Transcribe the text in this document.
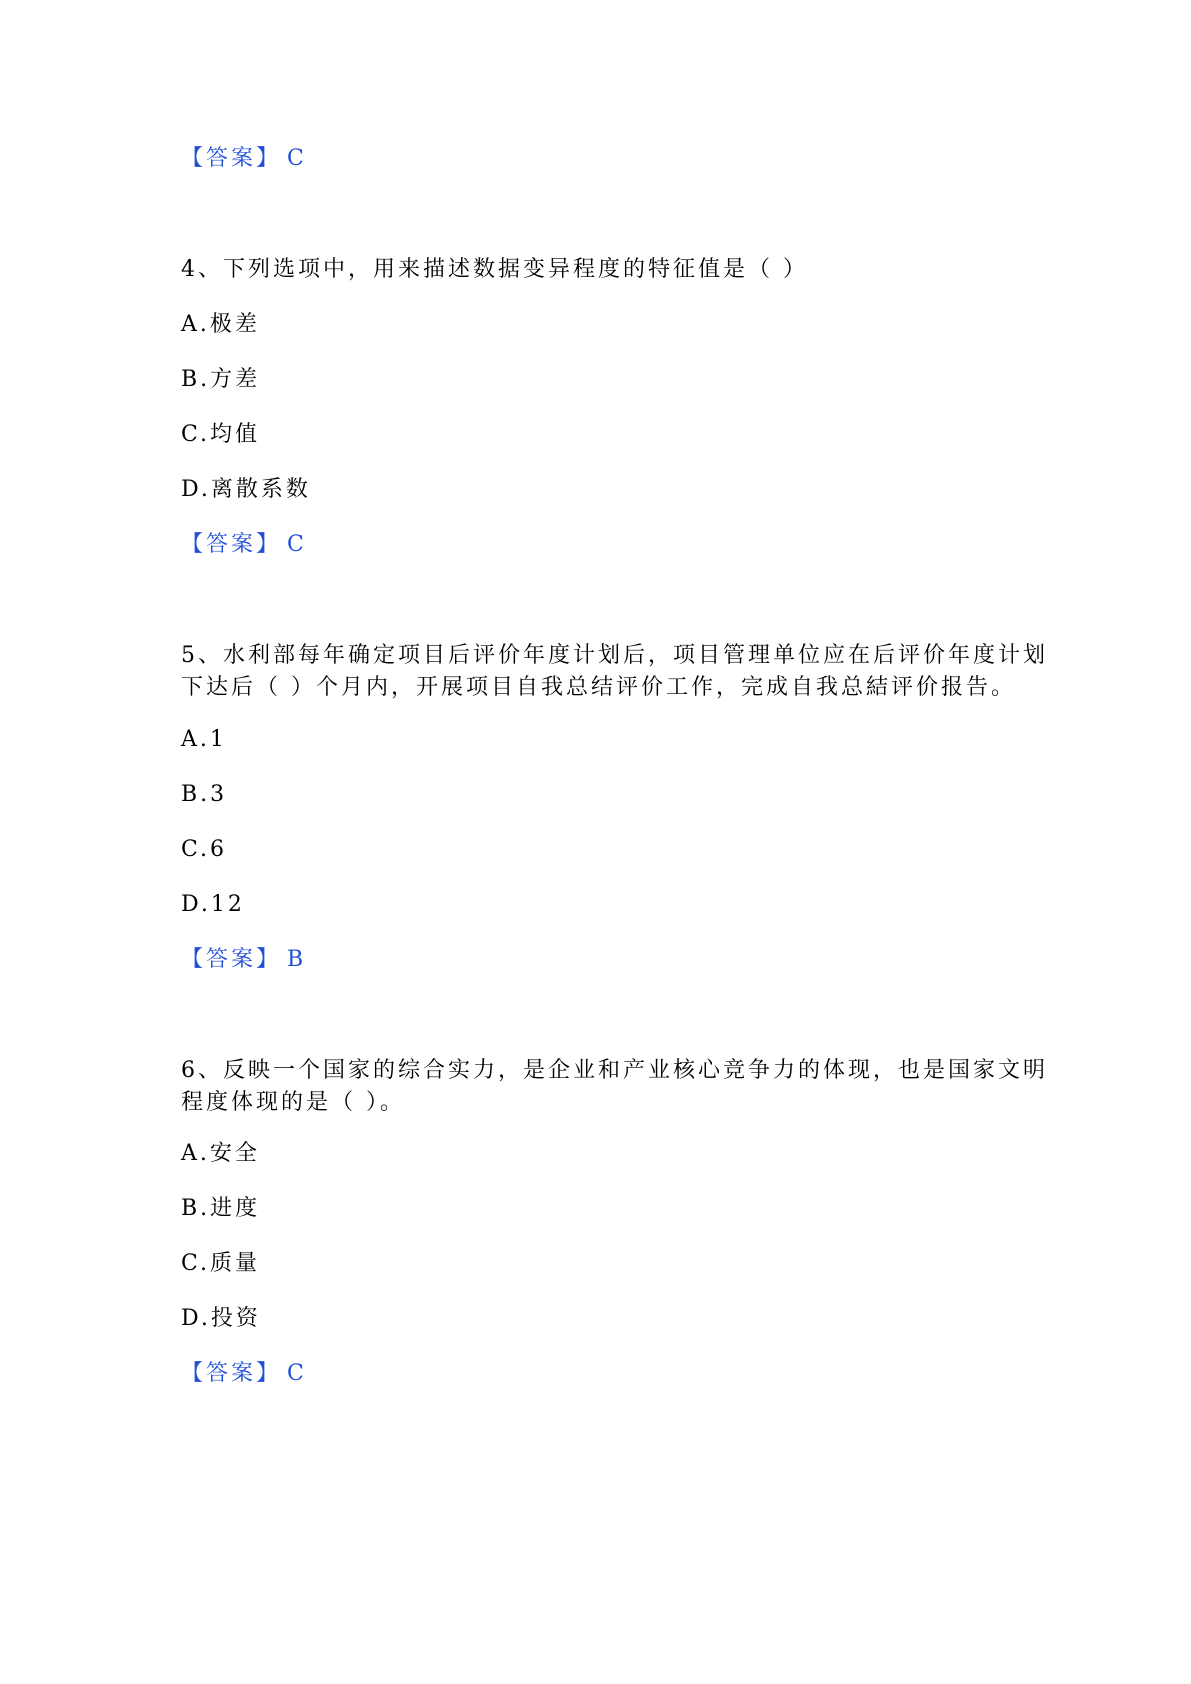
【答案】 C
4、下列选项中，用来描述数据变异程度的特征值是（ ）
A.极差
B.方差
C.均值
D.离散系数
【答案】 C
5、水利部每年确定项目后评价年度计划后，项目管理单位应在后评价年度计划
下达后（ ）个月内，开展项目自我总结评价工作，完成自我总結评价报告。
A.1
B.3
C.6
D.12
【答案】 B
6、反映一个国家的综合实力，是企业和产业核心竞争力的体现，也是国家文明
程度体现的是（ ）。
A.安全
B.进度
C.质量
D.投资
【答案】 C
